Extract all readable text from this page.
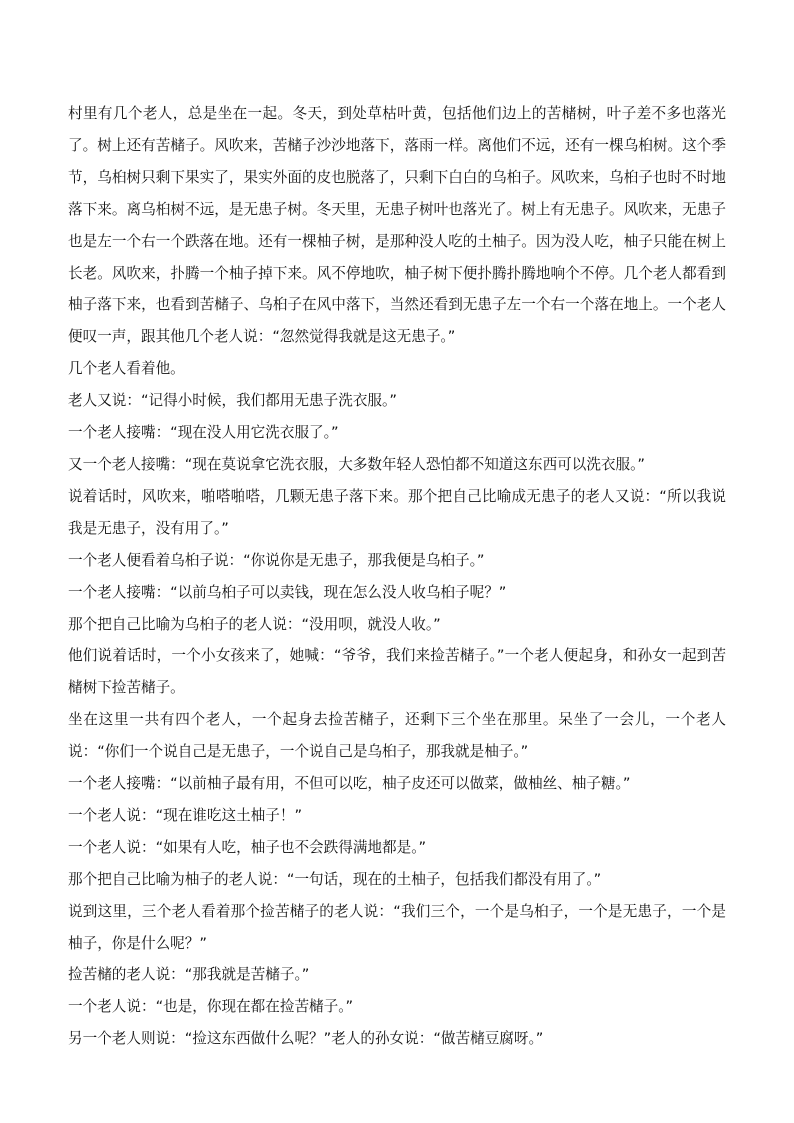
村里有几个老人，总是坐在一起。冬天，到处草枯叶黄，包括他们边上的苦槠树，叶子差不多也落光了。树上还有苦槠子。风吹来，苦槠子沙沙地落下，落雨一样。离他们不远，还有一棵乌桕树。这个季节，乌桕树只剩下果实了，果实外面的皮也脱落了，只剩下白白的乌桕子。风吹来，乌桕子也时不时地落下来。离乌桕树不远，是无患子树。冬天里，无患子树叶也落光了。树上有无患子。风吹来，无患子也是左一个右一个跌落在地。还有一棵柚子树，是那种没人吃的土柚子。因为没人吃，柚子只能在树上长老。风吹来，扑腾一个柚子掉下来。风不停地吹，柚子树下便扑腾扑腾地响个不停。几个老人都看到柚子落下来，也看到苦槠子、乌桕子在风中落下，当然还看到无患子左一个右一个落在地上。一个老人便叹一声，跟其他几个老人说：“忽然觉得我就是这无患子。”

几个老人看着他。

老人又说：“记得小时候，我们都用无患子洗衣服。”

一个老人接嘴：“现在没人用它洗衣服了。”

又一个老人接嘴：“现在莫说拿它洗衣服，大多数年轻人恐怕都不知道这东西可以洗衣服。”

说着话时，风吹来，啪嗒啪嗒，几颗无患子落下来。那个把自己比喻成无患子的老人又说：“所以我说我是无患子，没有用了。”

一个老人便看着乌桕子说：“你说你是无患子，那我便是乌桕子。”

一个老人接嘴：“以前乌桕子可以卖钱，现在怎么没人收乌桕子呢？”

那个把自己比喻为乌桕子的老人说：“没用呗，就没人收。”

他们说着话时，一个小女孩来了，她喊：“爷爷，我们来捡苦槠子。”一个老人便起身，和孙女一起到苦槠树下捡苦槠子。

坐在这里一共有四个老人，一个起身去捡苦槠子，还剩下三个坐在那里。呆坐了一会儿，一个老人说：“你们一个说自己是无患子，一个说自己是乌桕子，那我就是柚子。”

一个老人接嘴：“以前柚子最有用，不但可以吃，柚子皮还可以做菜，做柚丝、柚子糖。”

一个老人说：“现在谁吃这土柚子！”

一个老人说：“如果有人吃，柚子也不会跌得满地都是。”

那个把自己比喻为柚子的老人说：“一句话，现在的土柚子，包括我们都没有用了。”

说到这里，三个老人看着那个捡苦槠子的老人说：“我们三个，一个是乌桕子，一个是无患子，一个是柚子，你是什么呢？”

捡苦槠的老人说：“那我就是苦槠子。”

一个老人说：“也是，你现在都在捡苦槠子。”

另一个老人则说：“捡这东西做什么呢？”老人的孙女说：“做苦槠豆腐呀。”
